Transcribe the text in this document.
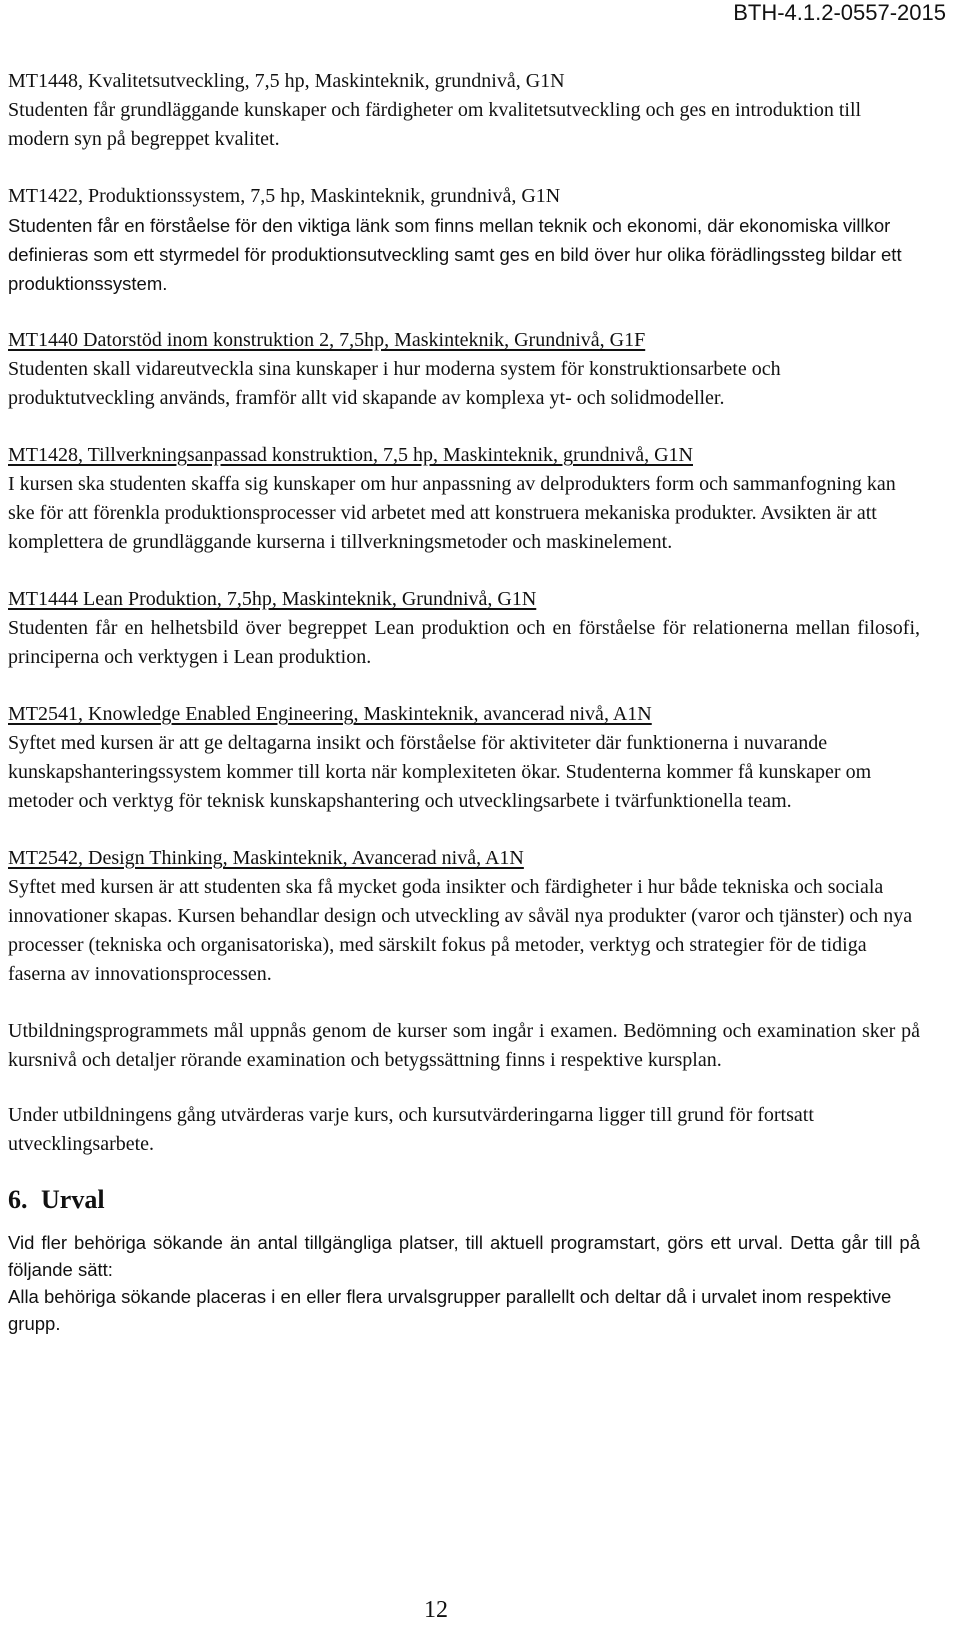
BTH-4.1.2-0557-2015
MT1448, Kvalitetsutveckling, 7,5 hp, Maskinteknik, grundnivå, G1N

Studenten får grundläggande kunskaper och färdigheter om kvalitetsutveckling och ges en introduktion till modern syn på begreppet kvalitet.

MT1422, Produktionssystem, 7,5 hp, Maskinteknik, grundnivå, G1N

Studenten får en förståelse för den viktiga länk som finns mellan teknik och ekonomi, där ekonomiska villkor definieras som ett styrmedel för produktionsutveckling samt ges en bild över hur olika förädlingssteg bildar ett produktionssystem.

MT1440 Datorstöd inom konstruktion 2, 7,5hp, Maskinteknik, Grundnivå, G1F

Studenten skall vidareutveckla sina kunskaper i hur moderna system för konstruktionsarbete och produktutveckling används, framför allt vid skapande av komplexa yt- och solidmodeller.

MT1428, Tillverkningsanpassad konstruktion, 7,5 hp, Maskinteknik, grundnivå, G1N

I kursen ska studenten skaffa sig kunskaper om hur anpassning av delprodukters form och sammanfogning kan ske för att förenkla produktionsprocesser vid arbetet med att konstruera mekaniska produkter. Avsikten är att komplettera de grundläggande kurserna i tillverkningsmetoder och maskinelement.

MT1444 Lean Produktion, 7,5hp, Maskinteknik, Grundnivå, G1N

Studenten får en helhetsbild över begreppet Lean produktion och en förståelse för relationerna mellan filosofi, principerna och verktygen i Lean produktion.

MT2541, Knowledge Enabled Engineering, Maskinteknik, avancerad nivå, A1N

Syftet med kursen är att ge deltagarna insikt och förståelse för aktiviteter där funktionerna i nuvarande kunskapshanteringssystem kommer till korta när komplexiteten ökar. Studenterna kommer få kunskaper om metoder och verktyg för teknisk kunskapshantering och utvecklingsarbete i tvärfunktionella team.

MT2542, Design Thinking, Maskinteknik, Avancerad nivå, A1N

Syftet med kursen är att studenten ska få mycket goda insikter och färdigheter i hur både tekniska och sociala innovationer skapas. Kursen behandlar design och utveckling av såväl nya produkter (varor och tjänster) och nya processer (tekniska och organisatoriska), med särskilt fokus på metoder, verktyg och strategier för de tidiga faserna av innovationsprocessen.

Utbildningsprogrammets mål uppnås genom de kurser som ingår i examen. Bedömning och examination sker på kursnivå och detaljer rörande examination och betygssättning finns i respektive kursplan.

Under utbildningens gång utvärderas varje kurs, och kursutvärderingarna ligger till grund för fortsatt utvecklingsarbete.

6. Urval

Vid fler behöriga sökande än antal tillgängliga platser, till aktuell programstart, görs ett urval. Detta går till på följande sätt:

Alla behöriga sökande placeras i en eller flera urvalsgrupper parallellt och deltar då i urvalet inom respektive grupp.

12
